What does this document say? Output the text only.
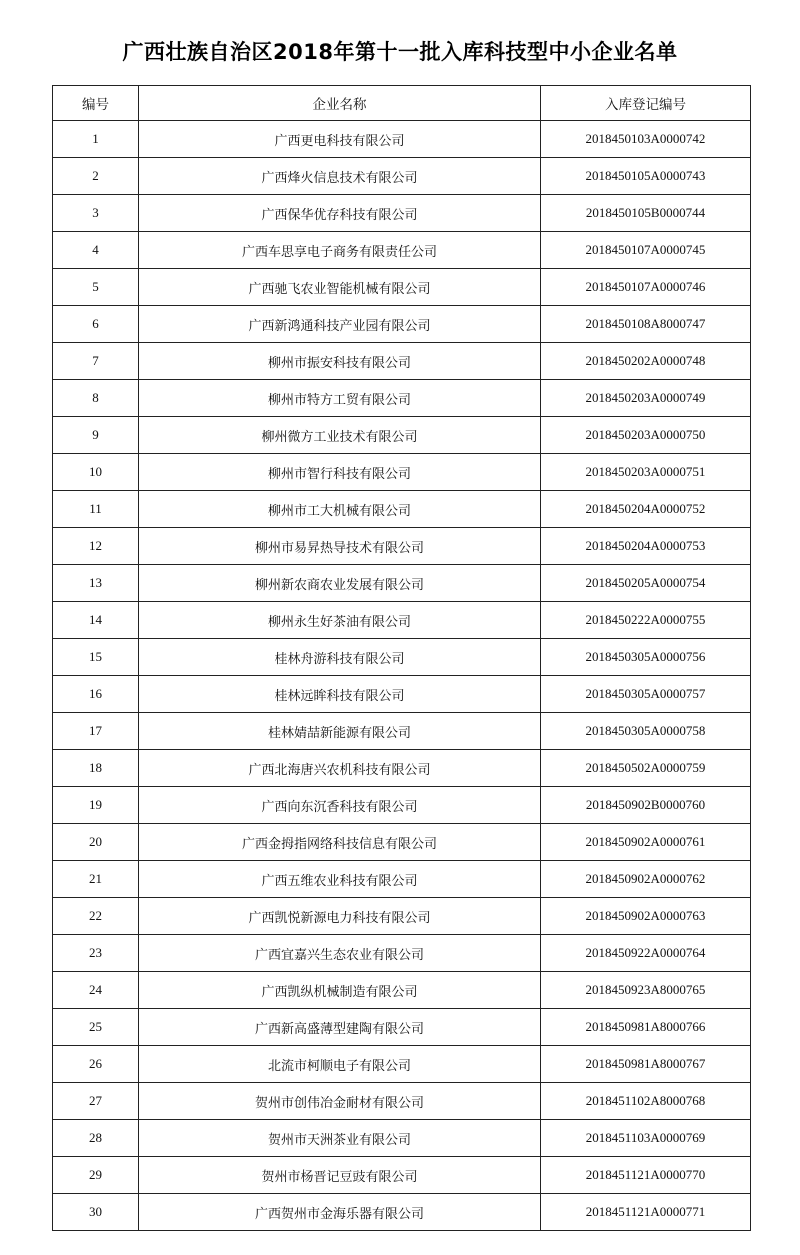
广西壮族自治区2018年第十一批入库科技型中小企业名单
编号	企业名称	入库登记编号
1	广西更电科技有限公司	2018450103A0000742
2	广西烽火信息技术有限公司	2018450105A0000743
3	广西保华优存科技有限公司	2018450105B0000744
4	广西车思享电子商务有限责任公司	2018450107A0000745
5	广西驰飞农业智能机械有限公司	2018450107A0000746
6	广西新鸿通科技产业园有限公司	2018450108A8000747
7	柳州市振安科技有限公司	2018450202A0000748
8	柳州市特方工贸有限公司	2018450203A0000749
9	柳州微方工业技术有限公司	2018450203A0000750
10	柳州市智行科技有限公司	2018450203A0000751
11	柳州市工大机械有限公司	2018450204A0000752
12	柳州市易昇热导技术有限公司	2018450204A0000753
13	柳州新农商农业发展有限公司	2018450205A0000754
14	柳州永生好茶油有限公司	2018450222A0000755
15	桂林舟游科技有限公司	2018450305A0000756
16	桂林远眸科技有限公司	2018450305A0000757
17	桂林婧喆新能源有限公司	2018450305A0000758
18	广西北海唐兴农机科技有限公司	2018450502A0000759
19	广西向东沉香科技有限公司	2018450902B0000760
20	广西金拇指网络科技信息有限公司	2018450902A0000761
21	广西五维农业科技有限公司	2018450902A0000762
22	广西凯悦新源电力科技有限公司	2018450902A0000763
23	广西宜嘉兴生态农业有限公司	2018450922A0000764
24	广西凯纵机械制造有限公司	2018450923A8000765
25	广西新高盛薄型建陶有限公司	2018450981A8000766
26	北流市柯顺电子有限公司	2018450981A8000767
27	贺州市创伟冶金耐材有限公司	2018451102A8000768
28	贺州市天洲茶业有限公司	2018451103A0000769
29	贺州市杨晋记豆豉有限公司	2018451121A0000770
30	广西贺州市金海乐器有限公司	2018451121A0000771
